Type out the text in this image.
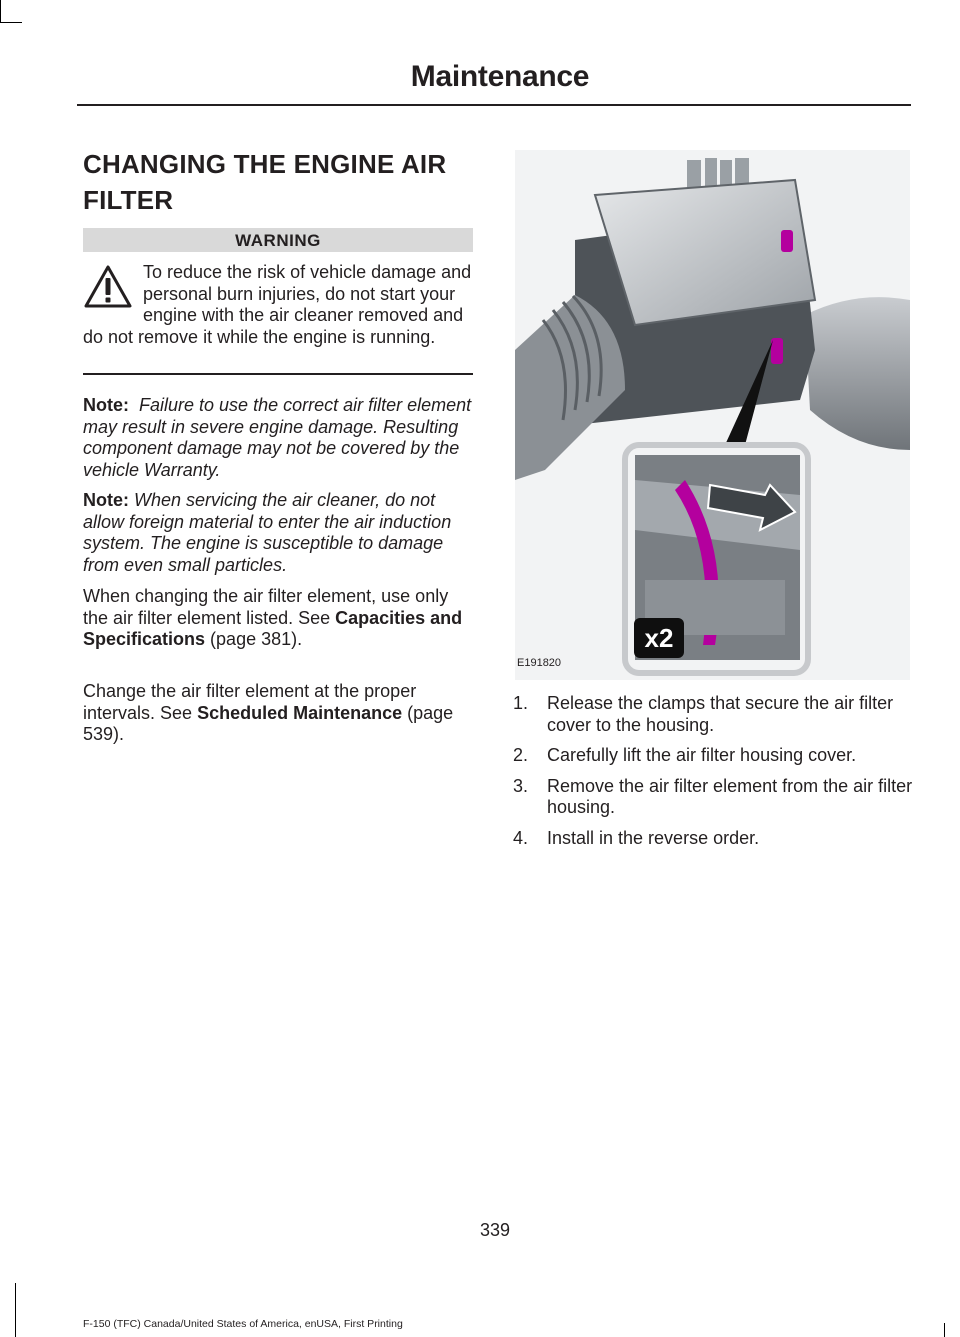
Maintenance
CHANGING THE ENGINE AIR
FILTER
WARNING
To reduce the risk of vehicle damage and personal burn injuries, do not start your engine with the air cleaner removed and do not remove it while the engine is running.

Note: Failure to use the correct air filter element may result in severe engine damage. Resulting component damage may not be covered by the vehicle Warranty.

Note: When servicing the air cleaner, do not allow foreign material to enter the air induction system. The engine is susceptible to damage from even small particles.

When changing the air filter element, use only the air filter element listed. See Capacities and Specifications (page 381).

Change the air filter element at the proper intervals. See Scheduled Maintenance (page 539).

x2
E191820
1.	Release the clamps that secure the air filter cover to the housing.
2.	Carefully lift the air filter housing cover.
3.	Remove the air filter element from the air filter housing.
4.	Install in the reverse order.
339
F-150 (TFC) Canada/United States of America, enUSA, First Printing
